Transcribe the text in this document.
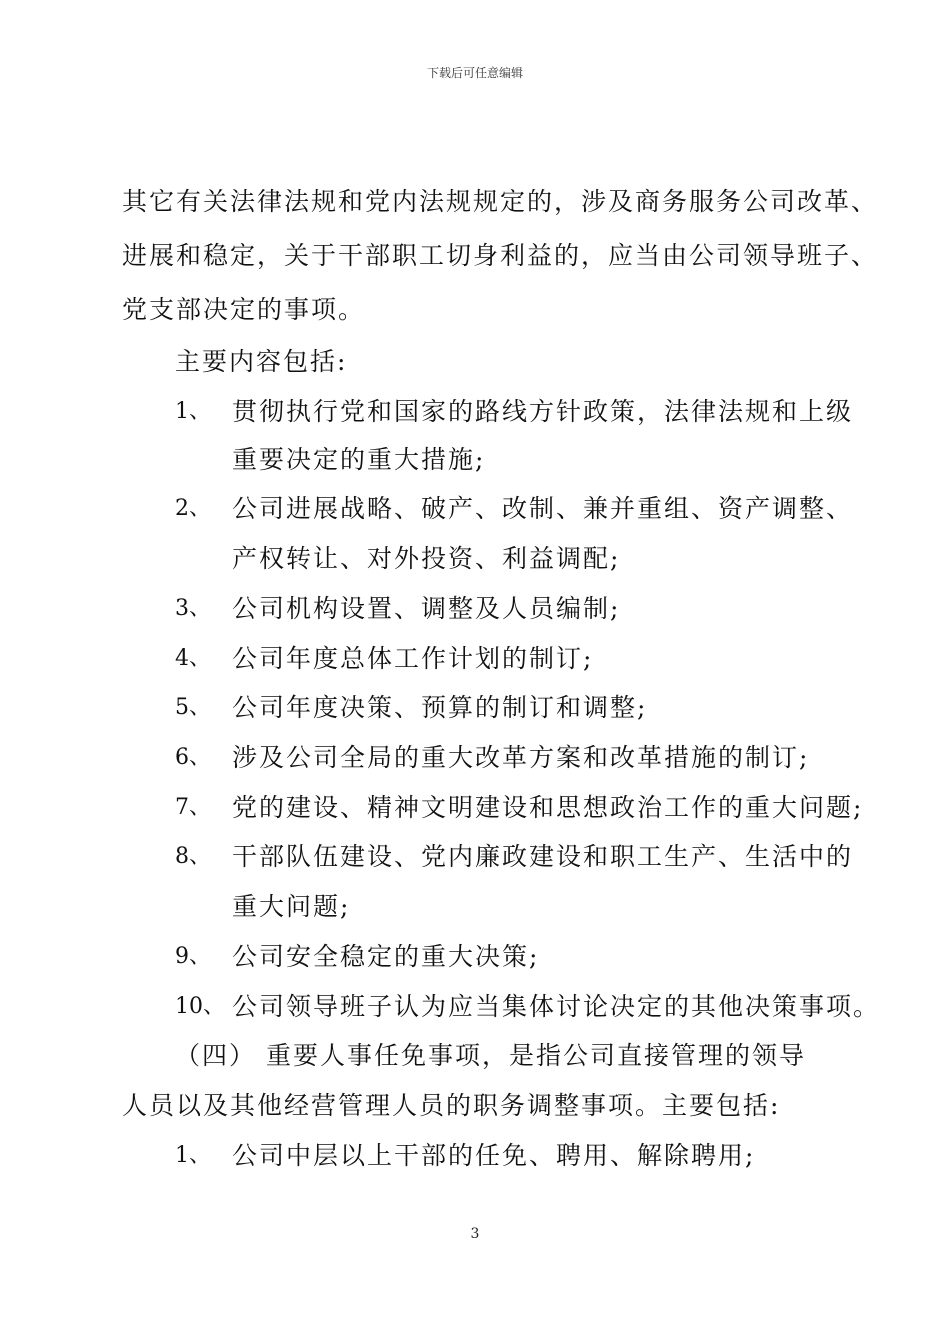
下载后可任意编辑
其它有关法律法规和党内法规规定的，涉及商务服务公司改革、
进展和稳定，关于干部职工切身利益的，应当由公司领导班子、
党支部决定的事项。
主要内容包括:
1、 贯彻执行党和国家的路线方针政策，法律法规和上级
重要决定的重大措施;
2、 公司进展战略、破产、改制、兼并重组、资产调整、
产权转让、对外投资、利益调配;
3、 公司机构设置、调整及人员编制;
4、 公司年度总体工作计划的制订;
5、 公司年度决策、预算的制订和调整;
6、 涉及公司全局的重大改革方案和改革措施的制订;
7、 党的建设、精神文明建设和思想政治工作的重大问题;
8、 干部队伍建设、党内廉政建设和职工生产、生活中的
重大问题;
9、 公司安全稳定的重大决策;
10、 公司领导班子认为应当集体讨论决定的其他决策事项。
（四） 重要人事任免事项，是指公司直接管理的领导
人员以及其他经营管理人员的职务调整事项。主要包括:
1、 公司中层以上干部的任免、聘用、解除聘用;
3
